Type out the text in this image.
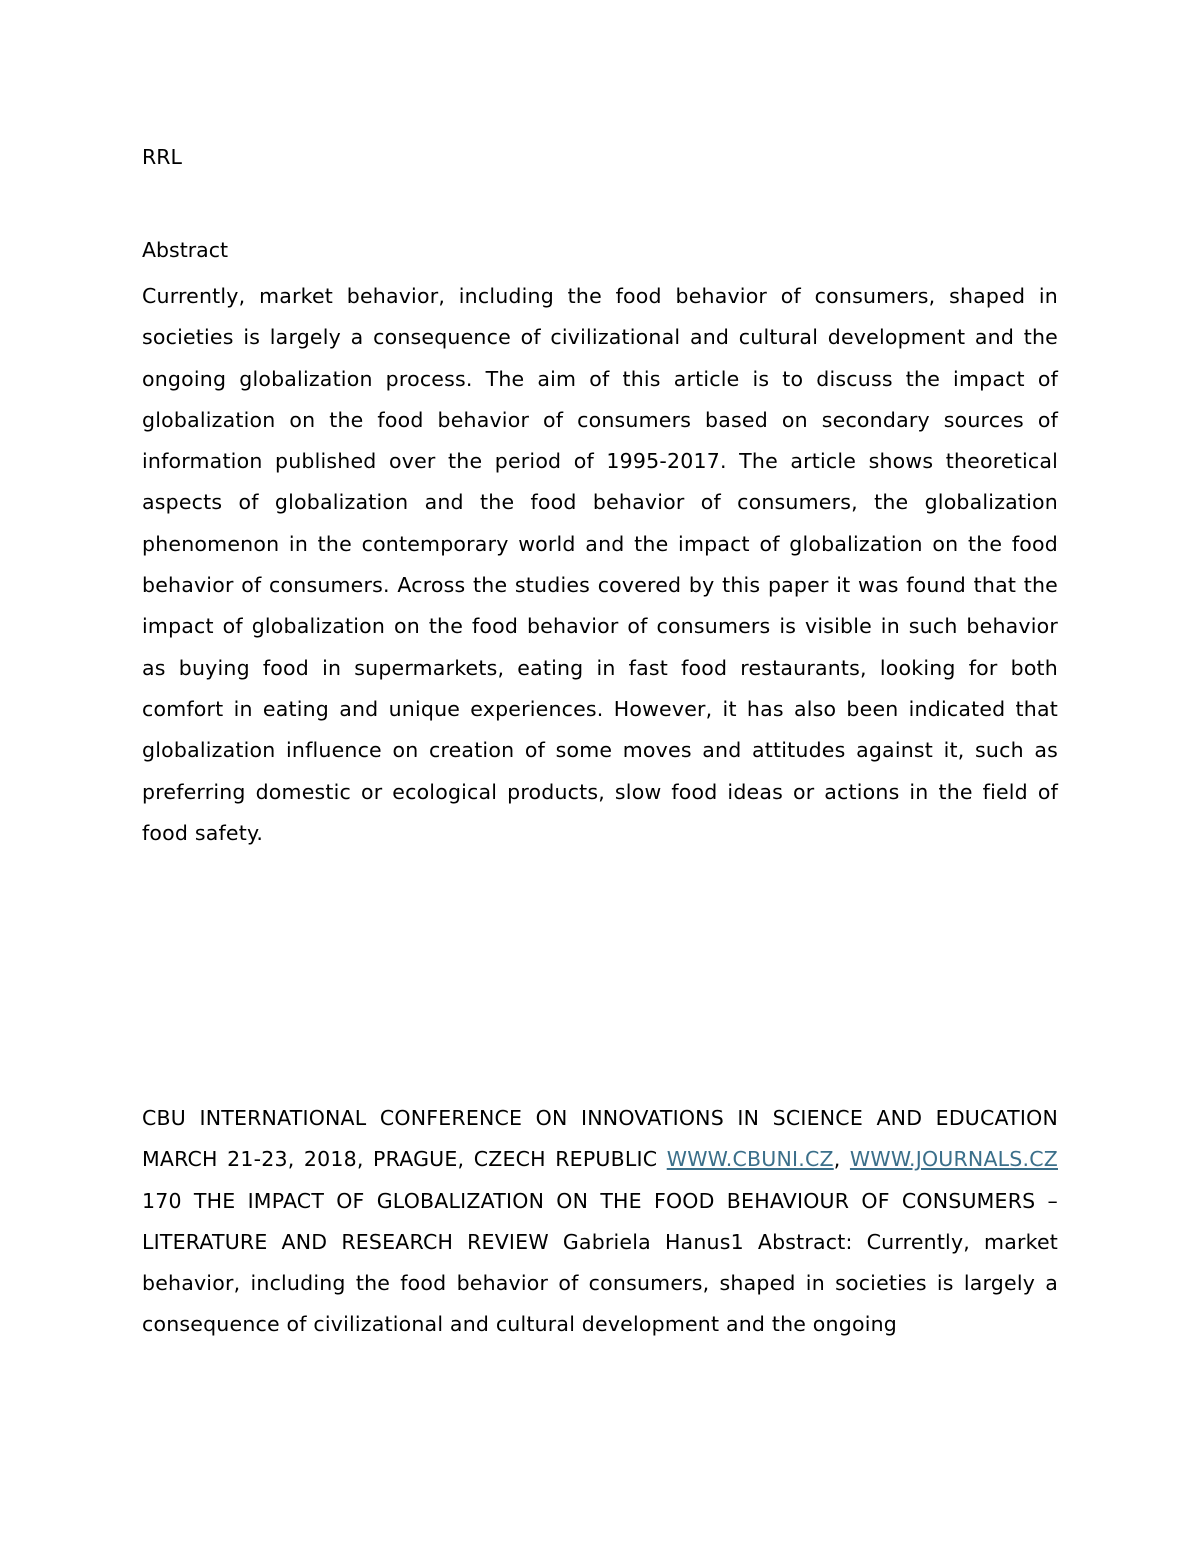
RRL
Abstract

Currently, market behavior, including the food behavior of consumers, shaped in societies is largely a consequence of civilizational and cultural development and the ongoing globalization process. The aim of this article is to discuss the impact of globalization on the food behavior of consumers based on secondary sources of information published over the period of 1995-2017. The article shows theoretical aspects of globalization and the food behavior of consumers, the globalization phenomenon in the contemporary world and the impact of globalization on the food behavior of consumers. Across the studies covered by this paper it was found that the impact of globalization on the food behavior of consumers is visible in such behavior as buying food in supermarkets, eating in fast food restaurants, looking for both comfort in eating and unique experiences. However, it has also been indicated that globalization influence on creation of some moves and attitudes against it, such as preferring domestic or ecological products, slow food ideas or actions in the field of food safety.

CBU INTERNATIONAL CONFERENCE ON INNOVATIONS IN SCIENCE AND EDUCATION MARCH 21-23, 2018, PRAGUE, CZECH REPUBLIC WWW.CBUNI.CZ, WWW.JOURNALS.CZ 170 THE IMPACT OF GLOBALIZATION ON THE FOOD BEHAVIOUR OF CONSUMERS – LITERATURE AND RESEARCH REVIEW Gabriela Hanus1 Abstract: Currently, market behavior, including the food behavior of consumers, shaped in societies is largely a consequence of civilizational and cultural development and the ongoing
